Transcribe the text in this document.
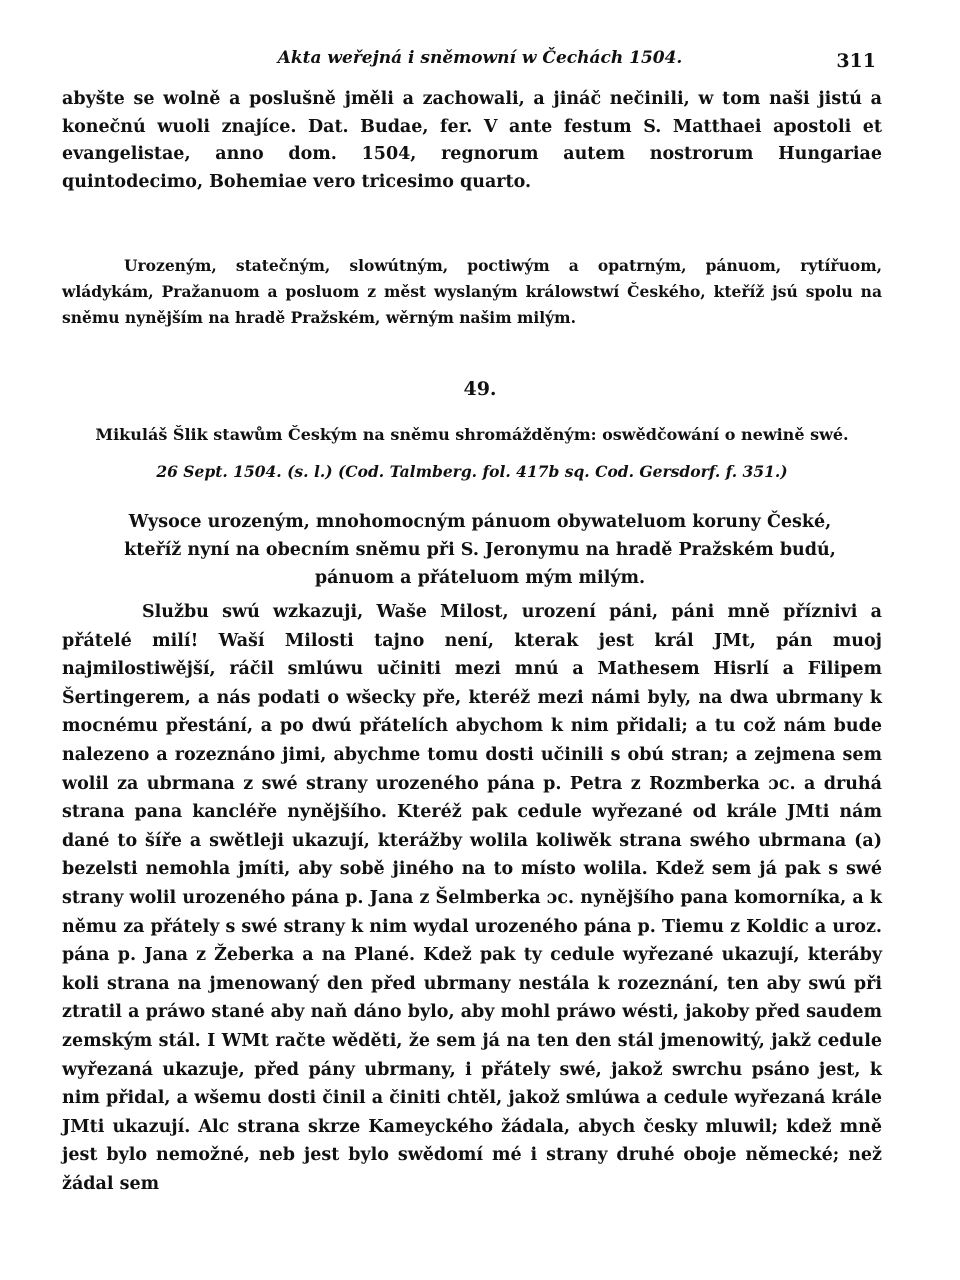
Akta weřejná i sněmowní w Čechách 1504.	311

abyšte se wolně a poslušně jměli a zachowali, a jináč nečinili, w tom naši jistú a konečnú wuoli znajíce. Dat. Budae, fer. V ante festum S. Matthaei apostoli et evangelistae, anno dom. 1504, regnorum autem nostrorum Hungariae quintodecimo, Bohemiae vero tricesimo quarto.

Urozeným, statečným, slowútným, poctiwým a opatrným, pánuom, rytířuom, wládykám, Pražanuom a posluom z měst wyslaným králowstwí Českého, kteříž jsú spolu na sněmu nynějším na hradě Pražském, wěrným našim milým.

49.
Mikuláš Šlik stawům Českým na sněmu shromážděným: oswědčowání o newině swé.
26 Sept. 1504. (s. l.) (Cod. Talmberg. fol. 417b sq. Cod. Gersdorf. f. 351.)

Wysoce urozeným, mnohomocným pánuom obywateluom koruny České, kteříž nyní na obecním sněmu při S. Jeronymu na hradě Pražském budú, pánuom a přáteluom mým milým.

Službu swú wzkazuji, Waše Milost, urození páni, páni mně příznivi a přátelé milí! Waší Milosti tajno není, kterak jest král JMt, pán muoj najmilostiwější, ráčil smlúwu učiniti mezi mnú a Mathesem Hisrlí a Filipem Šertingerem, a nás podati o wšecky pře, kteréž mezi námi byly, na dwa ubrmany k mocnému přestání, a po dwú přátelích abychom k nim přidali; a tu což nám bude nalezeno a rozeznáno jimi, abychme tomu dosti učinili s obú stran; a zejmena sem wolil za ubrmana z swé strany urozeného pána p. Petra z Rozmberka ɔc. a druhá strana pana kancléře nynějšího. Kteréž pak cedule wyřezané od krále JMti nám dané to šíře a swětleji ukazují, kterážby wolila koliwěk strana swého ubrmana (a) bezelsti nemohla jmíti, aby sobě jiného na to místo wolila. Kdež sem já pak s swé strany wolil urozeného pána p. Jana z Šelmberka ɔc. nynějšího pana komorníka, a k němu za přátely s swé strany k nim wydal urozeného pána p. Tiemu z Koldic a uroz. pána p. Jana z Žeberka a na Plané. Kdež pak ty cedule wyřezané ukazují, kteráby koli strana na jmenowaný den před ubrmany nestála k rozeznání, ten aby swú při ztratil a práwo stané aby naň dáno bylo, aby mohl práwo wésti, jakoby před saudem zemským stál. I WMt račte wěděti, že sem já na ten den stál jmenowitý, jakž cedule wyřezaná ukazuje, před pány ubrmany, i přátely swé, jakož swrchu psáno jest, k nim přidal, a wšemu dosti činil a činiti chtěl, jakož smlúwa a cedule wyřezaná krále JMti ukazují. Alc strana skrze Kameyckého žádala, abych česky mluwil; kdež mně jest bylo nemožné, neb jest bylo swědomí mé i strany druhé oboje německé; než žádal sem
